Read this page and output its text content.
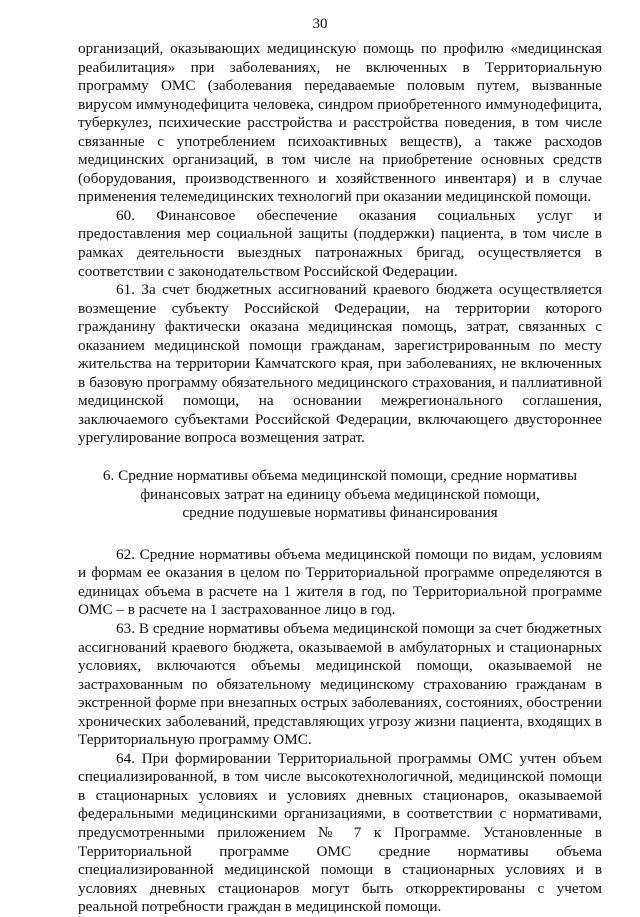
30

организаций, оказывающих медицинскую помощь по профилю «медицинская реабилитация» при заболеваниях, не включенных в Территориальную программу ОМС (заболевания передаваемые половым путем, вызванные вирусом иммунодефицита человека, синдром приобретенного иммунодефицита, туберкулез, психические расстройства и расстройства поведения, в том числе связанные с употреблением психоактивных веществ), а также расходов медицинских организаций, в том числе на приобретение основных средств (оборудования, производственного и хозяйственного инвентаря) и в случае применения телемедицинских технологий при оказании медицинской помощи.

60. Финансовое обеспечение оказания социальных услуг и предоставления мер социальной защиты (поддержки) пациента, в том числе в рамках деятельности выездных патронажных бригад, осуществляется в соответствии с законодательством Российской Федерации.

61. За счет бюджетных ассигнований краевого бюджета осуществляется возмещение субъекту Российской Федерации, на территории которого гражданину фактически оказана медицинская помощь, затрат, связанных с оказанием медицинской помощи гражданам, зарегистрированным по месту жительства на территории Камчатского края, при заболеваниях, не включенных в базовую программу обязательного медицинского страхования, и паллиативной медицинской помощи, на основании межрегионального соглашения, заключаемого субъектами Российской Федерации, включающего двустороннее урегулирование вопроса возмещения затрат.

6. Средние нормативы объема медицинской помощи, средние нормативы
финансовых затрат на единицу объема медицинской помощи,
средние подушевые нормативы финансирования

62. Средние нормативы объема медицинской помощи по видам, условиям и формам ее оказания в целом по Территориальной программе определяются в единицах объема в расчете на 1 жителя в год, по Территориальной программе ОМС – в расчете на 1 застрахованное лицо в год.

63. В средние нормативы объема медицинской помощи за счет бюджетных ассигнований краевого бюджета, оказываемой в амбулаторных и стационарных условиях, включаются объемы медицинской помощи, оказываемой не застрахованным по обязательному медицинскому страхованию гражданам в экстренной форме при внезапных острых заболеваниях, состояниях, обострении хронических заболеваний, представляющих угрозу жизни пациента, входящих в Территориальную программу ОМС.

64. При формировании Территориальной программы ОМС учтен объем специализированной, в том числе высокотехнологичной, медицинской помощи в стационарных условиях и условиях дневных стационаров, оказываемой федеральными медицинскими организациями, в соответствии с нормативами, предусмотренными приложением № 7 к Программе. Установленные в Территориальной программе ОМС средние нормативы объема специализированной медицинской помощи в стационарных условиях и в условиях дневных стационаров могут быть откорректированы с учетом реальной потребности граждан в медицинской помощи.
